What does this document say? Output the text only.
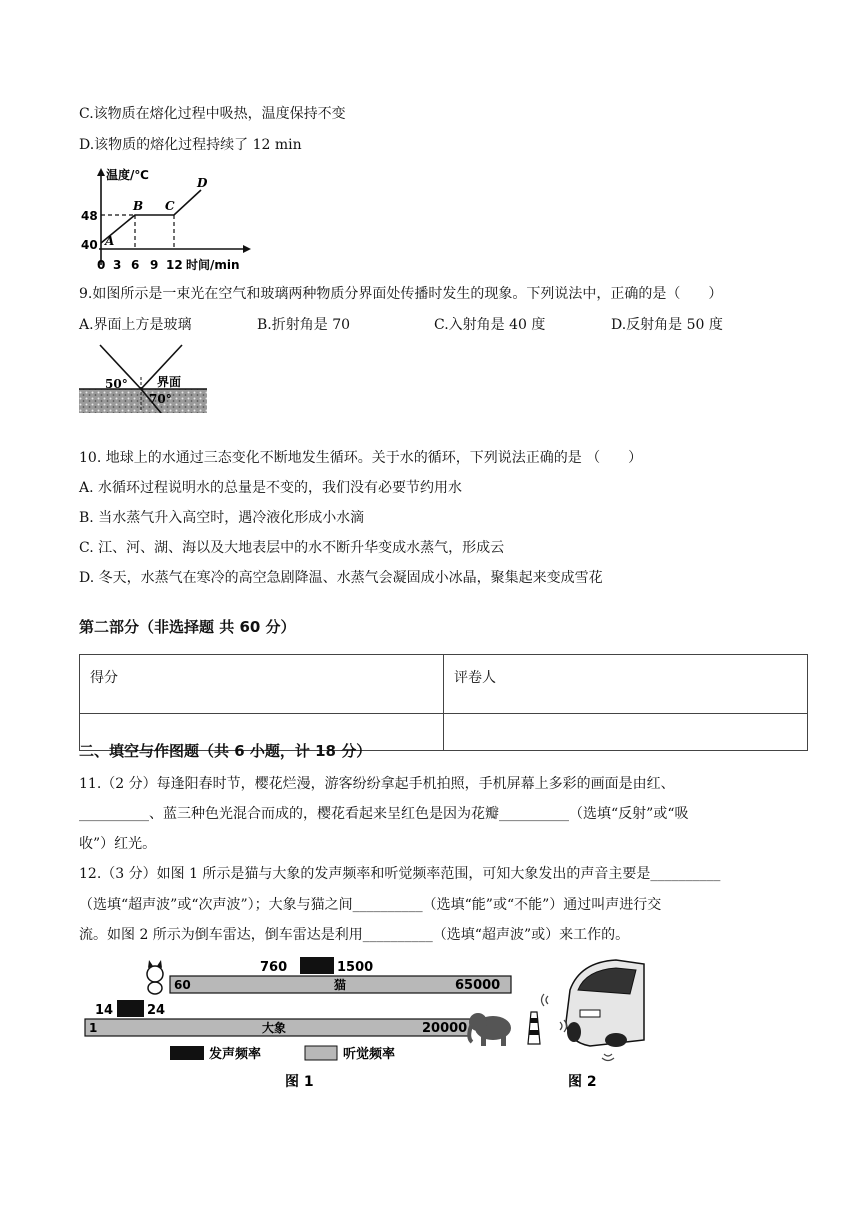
C.该物质在熔化过程中吸热，温度保持不变
D.该物质的熔化过程持续了 12 min
温度/℃
48
40 A
B C
D
0 3 6 9 12 时间/min
9.如图所示是一束光在空气和玻璃两种物质分界面处传播时发生的现象。下列说法中，正确的是（　　）
A.界面上方是玻璃	B.折射角是 70	C.入射角是 40 度	D.反射角是 50 度
50° 界面
70°
10. 地球上的水通过三态变化不断地发生循环。关于水的循环，下列说法正确的是 （　　）
A. 水循环过程说明水的总量是不变的，我们没有必要节约用水
B. 当水蒸气升入高空时，遇冷液化形成小水滴
C. 江、河、湖、海以及大地表层中的水不断升华变成水蒸气，形成云
D. 冬天，水蒸气在寒冷的高空急剧降温、水蒸气会凝固成小冰晶，聚集起来变成雪花
第二部分（非选择题 共 60 分）
得分	评卷人

二、填空与作图题（共 6 小题，计 18 分）
11.（2 分）每逢阳春时节，樱花烂漫，游客纷纷拿起手机拍照，手机屏幕上多彩的画面是由红、
__________、蓝三种色光混合而成的，樱花看起来呈红色是因为花瓣__________（选填“反射”或“吸
收”）红光。
12.（3 分）如图 1 所示是猫与大象的发声频率和听觉频率范围，可知大象发出的声音主要是__________
（选填“超声波”或“次声波”）；大象与猫之间__________（选填“能”或“不能”）通过叫声进行交
流。如图 2 所示为倒车雷达，倒车雷达是利用__________（选填“超声波”或）来工作的。
760	1500
60	猫	65000
14	24
1	大象	20000
发声频率	听觉频率
图 1	图 2
